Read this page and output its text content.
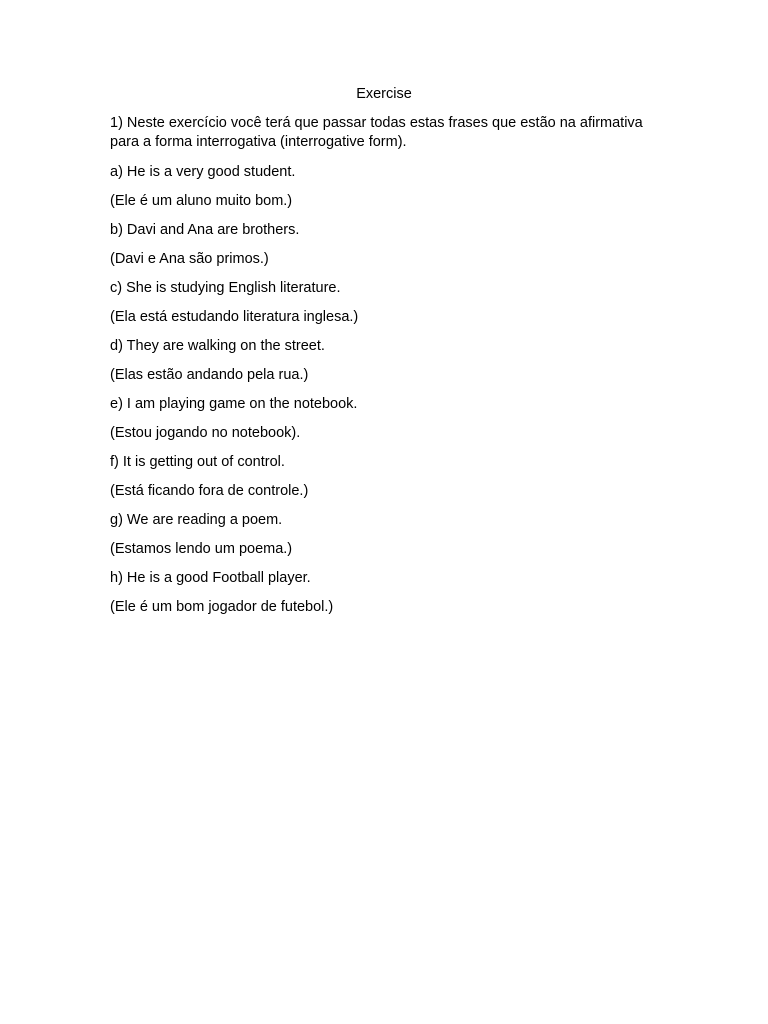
Exercise
1) Neste exercício você terá que passar todas estas frases que estão na afirmativa para a forma interrogativa (interrogative form).
a) He is a very good student.
(Ele é um aluno muito bom.)
b) Davi and Ana are brothers.
(Davi e Ana são primos.)
c) She is studying English literature.
(Ela está estudando literatura inglesa.)
d) They are walking on the street.
(Elas estão andando pela rua.)
e) I am playing game on the notebook.
(Estou jogando no notebook).
f) It is getting out of control.
(Está ficando fora de controle.)
g) We are reading a poem.
(Estamos lendo um poema.)
h) He is a good Football player.
(Ele é um bom jogador de futebol.)
